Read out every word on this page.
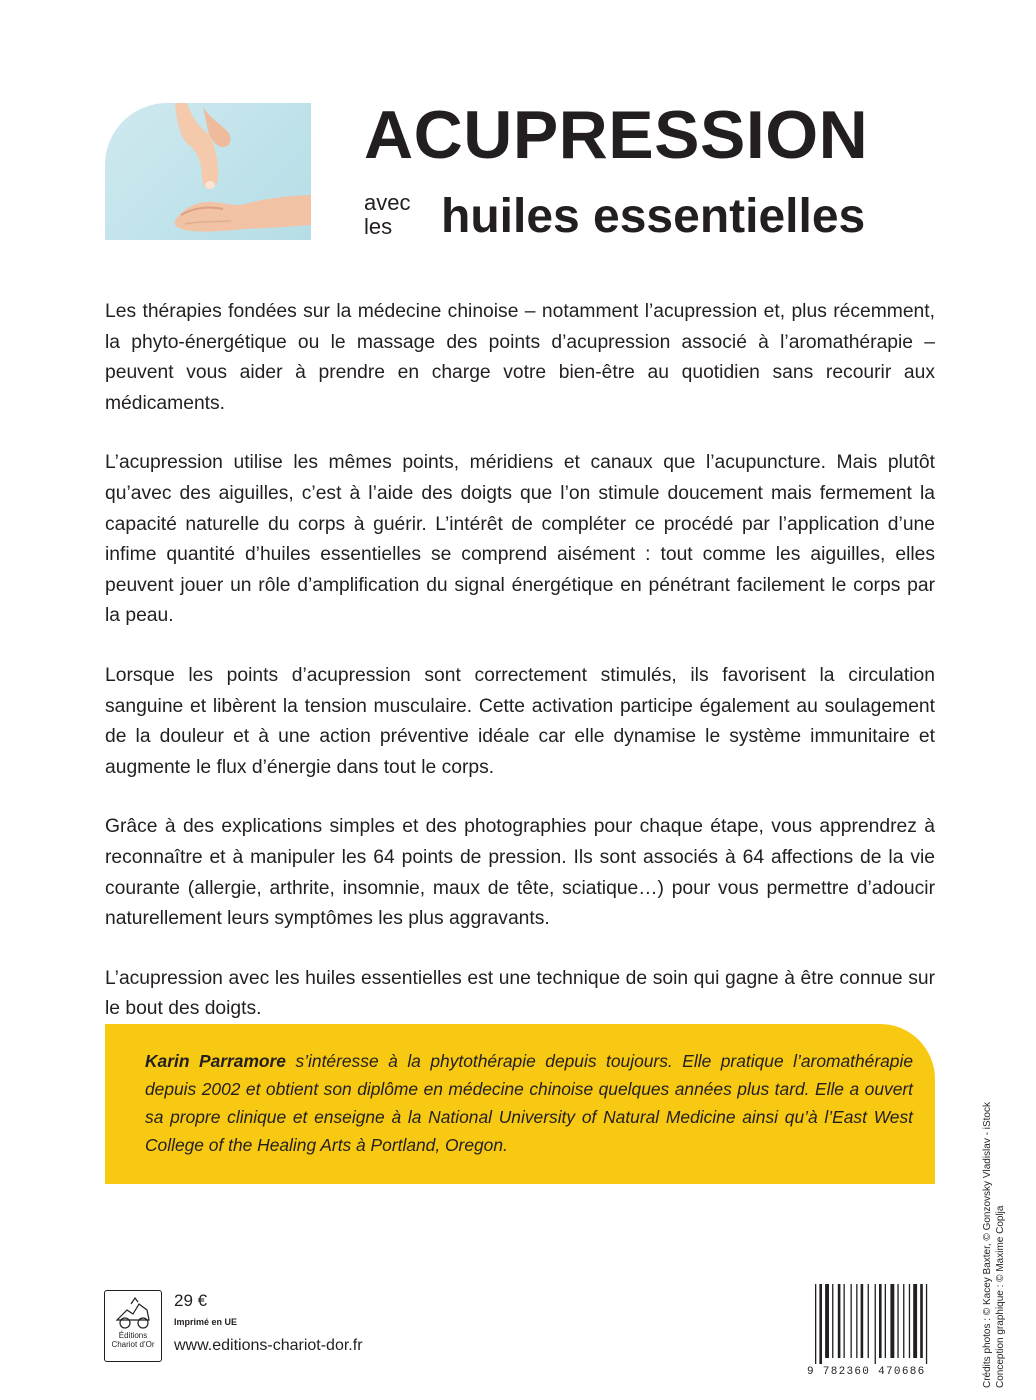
ACUPRESSION
avec
les	huiles essentielles

Les thérapies fondées sur la médecine chinoise – notamment l’acupression et, plus récemment, la phyto-énergétique ou le massage des points d’acupression associé à l’aromathérapie – peuvent vous aider à prendre en charge votre bien-être au quotidien sans recourir aux médicaments.

L’acupression utilise les mêmes points, méridiens et canaux que l’acupuncture. Mais plutôt qu’avec des aiguilles, c’est à l’aide des doigts que l’on stimule doucement mais fermement la capacité naturelle du corps à guérir. L’intérêt de compléter ce procédé par l’application d’une infime quantité d’huiles essentielles se comprend aisément : tout comme les aiguilles, elles peuvent jouer un rôle d’amplification du signal énergétique en pénétrant facilement le corps par la peau.

Lorsque les points d’acupression sont correctement stimulés, ils favorisent la circulation sanguine et libèrent la tension musculaire. Cette activation participe également au soulagement de la douleur et à une action préventive idéale car elle dynamise le système immunitaire et augmente le flux d’énergie dans tout le corps.

Grâce à des explications simples et des photographies pour chaque étape, vous apprendrez à reconnaître et à manipuler les 64 points de pression. Ils sont associés à 64 affections de la vie courante (allergie, arthrite, insomnie, maux de tête, sciatique…) pour vous permettre d’adoucir naturellement leurs symptômes les plus aggravants.

L’acupression avec les huiles essentielles est une technique de soin qui gagne à être connue sur le bout des doigts.

Karin Parramore s’intéresse à la phytothérapie depuis toujours. Elle pratique l’aromathérapie depuis 2002 et obtient son diplôme en médecine chinoise quelques années plus tard. Elle a ouvert sa propre clinique et enseigne à la National University of Natural Medicine ainsi qu’à l’East West College of the Healing Arts à Portland, Oregon.	Crédits photos : © Kacey Baxter, © Gonzovsky Vladislav - iStock Conception graphique : © Maxime Coplja
Éditions
Chariot d’Or
29 €
Imprimé en UE
www.editions-chariot-dor.fr
9 782360 470686
